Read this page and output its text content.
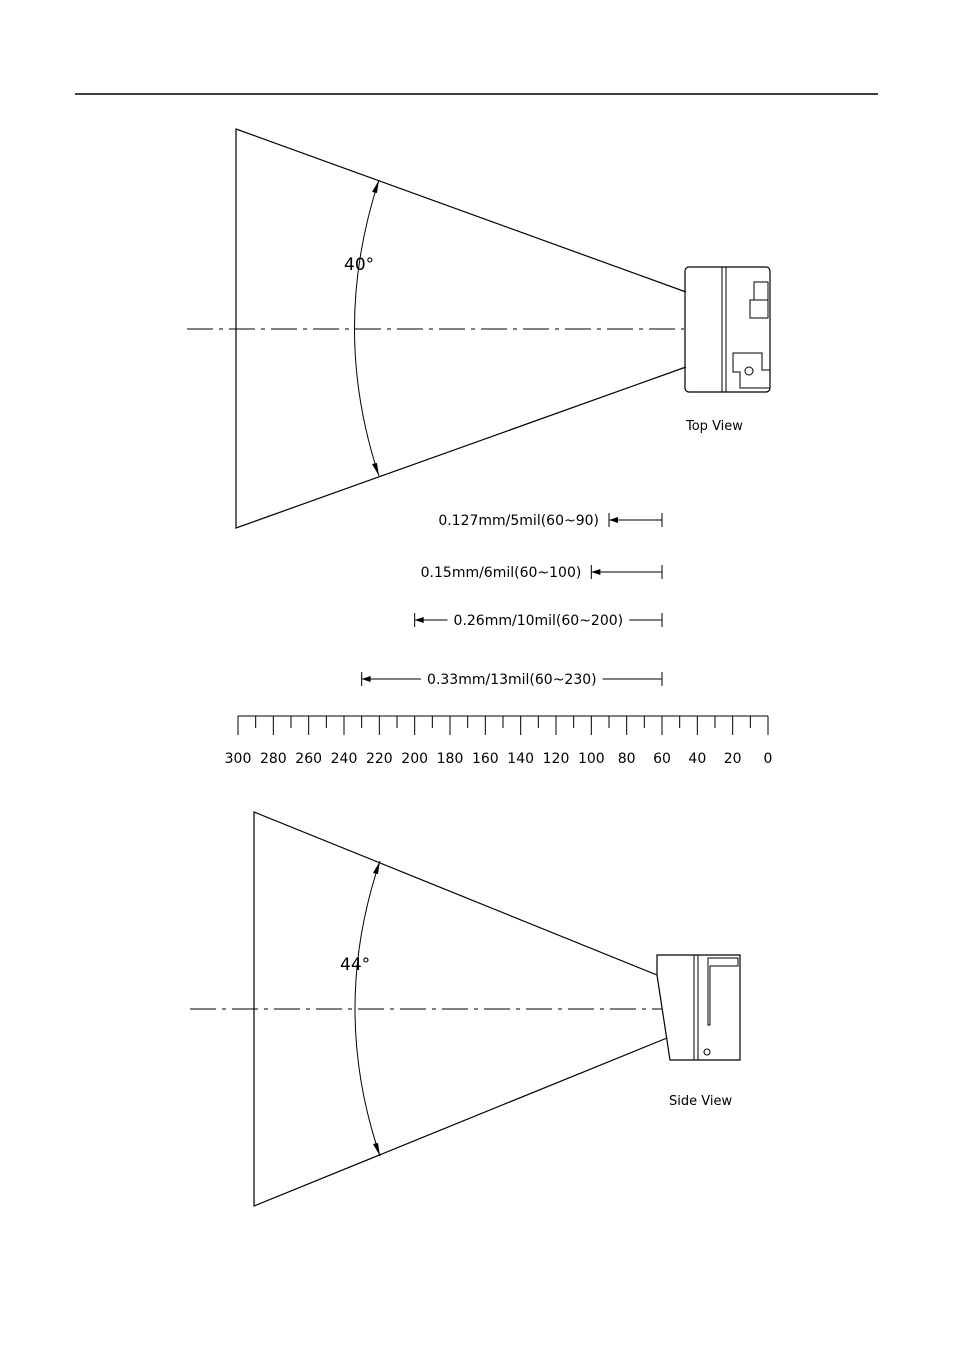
40°
Top View
0.127mm/5mil(60~90)
0.15mm/6mil(60~100)
0.26mm/10mil(60~200)
0.33mm/13mil(60~230)
300 280 260 240 220 200 180 160 140 120 100 80 60 40 20 0
44°
Side View
